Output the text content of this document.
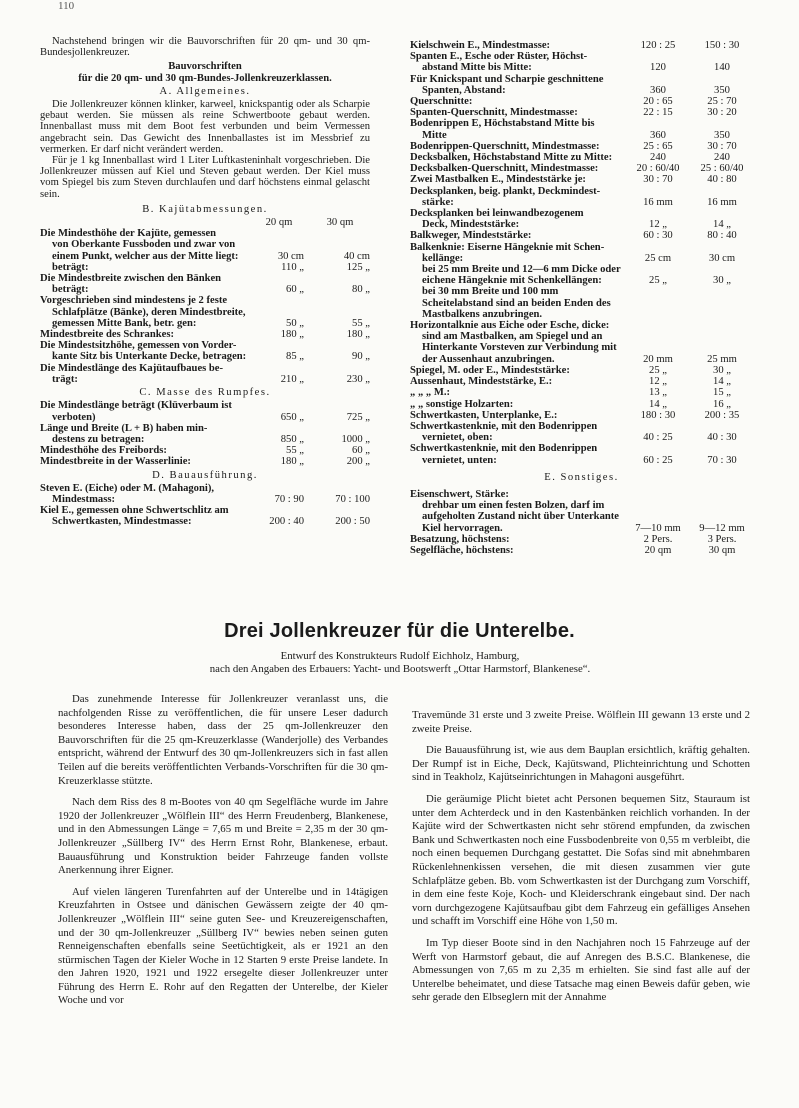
110

Nachstehend bringen wir die Bauvorschriften für 20 qm- und 30 qm-Bundesjollenkreuzer.

Bauvorschriften

für die 20 qm- und 30 qm-Bundes-Jollenkreuzerklassen.

A. Allgemeines.

Die Jollenkreuzer können klinker, karweel, knickspantig oder als Scharpie gebaut werden. Sie müssen als reine Schwertboote gebaut werden. Innenballast muss mit dem Boot fest verbunden und beim Vermessen angebracht sein. Das Gewicht des Innenballastes ist im Messbrief zu vermerken. Er darf nicht verändert werden.

Für je 1 kg Innenballast wird 1 Liter Luftkasteninhalt vorgeschrieben. Die Jollenkreuzer müssen auf Kiel und Steven gebaut werden. Der Kiel muss vom Spiegel bis zum Steven durchlaufen und darf höchstens einmal gelascht sein.

B. Kajütabmessungen.

20 qm	30 qm
Die Mindesthöhe der Kajüte, gemessen
von Oberkante Fussboden und zwar von einem Punkt, welcher aus der Mitte liegt:	30 cm	40 cm
beträgt:	110 „	125 „
Die Mindestbreite zwischen den Bänken
beträgt:	60 „	80 „
Vorgeschrieben sind mindestens je 2 feste
Schlafplätze (Bänke), deren Mindestbreite, gemessen Mitte Bank, betr. gen:	50 „	55 „
Mindestbreite des Schrankes:	180 „	180 „
Die Mindestsitzhöhe, gemessen von Vorder-
kante Sitz bis Unterkante Decke, betragen:	85 „	90 „
Die Mindestlänge des Kajütaufbaues be-
trägt:	210 „	230 „

C. Masse des Rumpfes.

Die Mindestlänge beträgt (Klüverbaum ist
verboten)	650 „	725 „
Länge und Breite (L + B) haben min-
destens zu betragen:	850 „	1000 „
Mindesthöhe des Freibords:	55 „	60 „
Mindestbreite in der Wasserlinie:	180 „	200 „

D. Bauausführung.

Steven E. (Eiche) oder M. (Mahagoni),
Mindestmass:	70 : 90	70 : 100
Kiel E., gemessen ohne Schwertschlitz am
Schwertkasten, Mindestmasse:	200 : 40	200 : 50
Kielschwein E., Mindestmasse:	120 : 25	150 : 30
Spanten E., Esche oder Rüster, Höchst-
abstand Mitte bis Mitte:	120	140
Für Knickspant und Scharpie geschnittene
Spanten, Abstand:	360	350
Querschnitte:	20 : 65	25 : 70
Spanten-Querschnitt, Mindestmasse:	22 : 15	30 : 20
Bodenrippen E, Höchstabstand Mitte bis
Mitte	360	350
Bodenrippen-Querschnitt, Mindestmasse:	25 : 65	30 : 70
Decksbalken, Höchstabstand Mitte zu Mitte:	240	240
Decksbalken-Querschnitt, Mindestmasse:	20 : 60/40	25 : 60/40
Zwei Mastbalken E., Mindeststärke je:	30 : 70	40 : 80
Decksplanken, beig. plankt, Deckmindest-
stärke:	16 mm	16 mm
Decksplanken bei leinwandbezogenem
Deck, Mindeststärke:	12 „	14 „
Balkweger, Mindeststärke:	60 : 30	80 : 40
Balkenknie: Eiserne Hängeknie mit Schen-
kellänge:	25 cm	30 cm
bei 25 mm Breite und 12—6 mm Dicke oder eichene Hängeknie mit Schenkellängen:	25 „	30 „
bei 30 mm Breite und 100 mm Scheitelabstand sind an beiden Enden des Mastbalkens anzubringen.
Horizontalknie aus Eiche oder Esche, dicke:
sind am Mastbalken, am Spiegel und an Hinterkante Vorsteven zur Verbindung mit der Aussenhaut anzubringen.	20 mm	25 mm
Spiegel, M. oder E., Mindeststärke:	25 „	30 „
Aussenhaut, Mindeststärke, E.:	12 „	14 „
„ „ „ M.:	13 „	15 „
„ „ sonstige Holzarten:	14 „	16 „
Schwertkasten, Unterplanke, E.:	180 : 30	200 : 35
Schwertkastenknie, mit den Bodenrippen
vernietet, oben:	40 : 25	40 : 30
Schwertkastenknie, mit den Bodenrippen
vernietet, unten:	60 : 25	70 : 30

E. Sonstiges.

Eisenschwert, Stärke:
drehbar um einen festen Bolzen, darf im aufgeholten Zustand nicht über Unterkante Kiel hervorragen.	7—10 mm	9—12 mm
Besatzung, höchstens:	2 Pers.	3 Pers.
Segelfläche, höchstens:	20 qm	30 qm
Drei Jollenkreuzer für die Unterelbe.
Entwurf des Konstrukteurs Rudolf Eichholz, Hamburg,
nach den Angaben des Erbauers: Yacht- und Bootswerft „Ottar Harmstorf, Blankenese“.

Das zunehmende Interesse für Jollenkreuzer veranlasst uns, die nachfolgenden Risse zu veröffentlichen, die für unsere Leser dadurch besonderes Interesse haben, dass der 25 qm-Jollenkreuzer den Bauvorschriften für die 25 qm-Kreuzerklasse (Wanderjolle) des Verbandes entspricht, während der Entwurf des 30 qm-Jollenkreuzers sich in fast allen Teilen auf die bereits veröffentlichten Verbands-Vorschriften für die 30 qm-Kreuzerklasse stützte.

Nach dem Riss des 8 m-Bootes von 40 qm Segelfläche wurde im Jahre 1920 der Jollenkreuzer „Wölflein III“ des Herrn Freudenberg, Blankenese, und in den Abmessungen Länge = 7,65 m und Breite = 2,35 m der 30 qm-Jollenkreuzer „Süllberg IV“ des Herrn Ernst Rohr, Blankenese, erbaut. Bauausführung und Konstruktion beider Fahrzeuge fanden vollste Anerkennung ihrer Eigner.

Auf vielen längeren Turenfahrten auf der Unterelbe und in 14tägigen Kreuzfahrten in Ostsee und dänischen Gewässern zeigte der 40 qm-Jollenkreuzer „Wölflein III“ seine guten See- und Kreuzereigenschaften, und der 30 qm-Jollenkreuzer „Süllberg IV“ bewies neben seinen guten Renneigenschaften ebenfalls seine Seetüchtigkeit, als er 1921 an den stürmischen Tagen der Kieler Woche in 12 Starten 9 erste Preise landete. In den Jahren 1920, 1921 und 1922 ersegelte dieser Jollenkreuzer unter Führung des Herrn E. Rohr auf den Regatten der Unterelbe, der Kieler Woche und vor

Travemünde 31 erste und 3 zweite Preise. Wölflein III gewann 13 erste und 2 zweite Preise.

Die Bauausführung ist, wie aus dem Bauplan ersichtlich, kräftig gehalten. Der Rumpf ist in Eiche, Deck, Kajütswand, Plichteinrichtung und Schotten sind in Teakholz, Kajütseinrichtungen in Mahagoni ausgeführt.

Die geräumige Plicht bietet acht Personen bequemen Sitz, Stauraum ist unter dem Achterdeck und in den Kastenbänken reichlich vorhanden. In der Kajüte wird der Schwertkasten nicht sehr störend empfunden, da zwischen Bank und Schwertkasten noch eine Fussbodenbreite von 0,55 m verbleibt, die noch einen bequemen Durchgang gestattet. Die Sofas sind mit abnehmbaren Rückenlehnenkissen versehen, die mit diesen zusammen vier gute Schlafplätze geben. Bb. vom Schwertkasten ist der Durchgang zum Vorschiff, in dem eine feste Koje, Koch- und Kleiderschrank eingebaut sind. Der nach vorn durchgezogene Kajütsaufbau gibt dem Fahrzeug ein gefälliges Ansehen und schafft im Vorschiff eine Höhe von 1,50 m.

Im Typ dieser Boote sind in den Nachjahren noch 15 Fahrzeuge auf der Werft von Harmstorf gebaut, die auf Anregen des B.S.C. Blankenese, die Abmessungen von 7,65 m zu 2,35 m erhielten. Sie sind fast alle auf der Unterelbe beheimatet, und diese Tatsache mag einen Beweis dafür geben, wie sehr gerade den Elbseglern mit der Annahme
